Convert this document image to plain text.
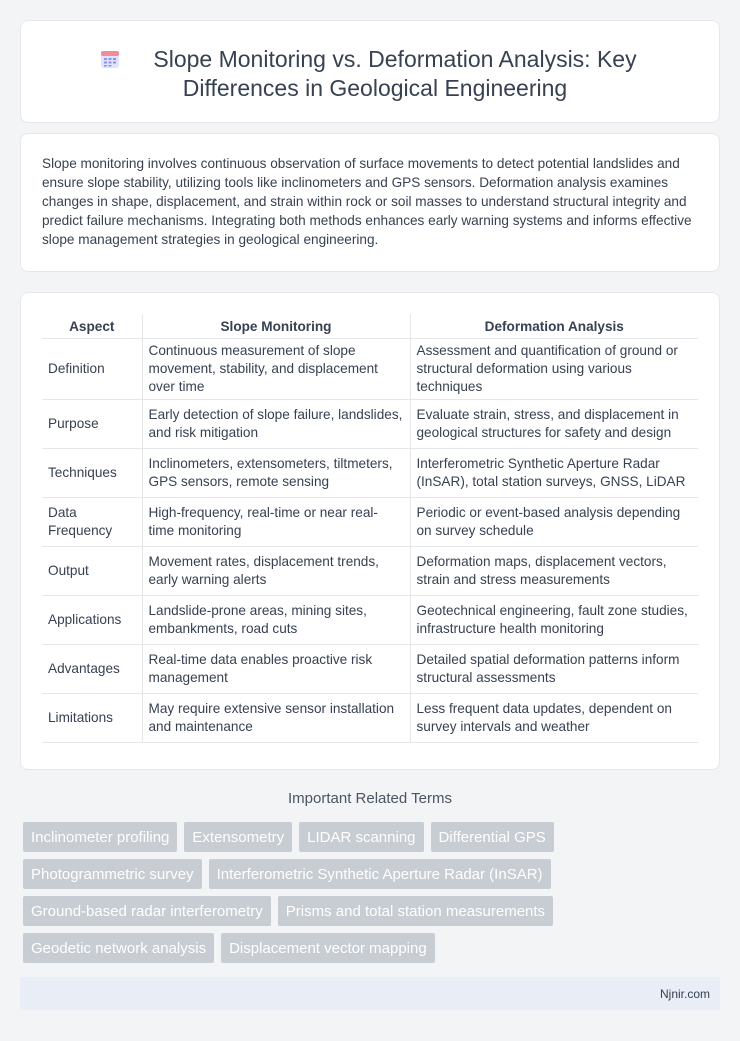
Slope Monitoring vs. Deformation Analysis: Key
Differences in Geological Engineering

Slope monitoring involves continuous observation of surface movements to detect potential landslides and ensure slope stability, utilizing tools like inclinometers and GPS sensors. Deformation analysis examines changes in shape, displacement, and strain within rock or soil masses to understand structural integrity and predict failure mechanisms. Integrating both methods enhances early warning systems and informs effective slope management strategies in geological engineering.

Aspect	Slope Monitoring	Deformation Analysis
Definition	Continuous measurement of slope movement, stability, and displacement over time	Assessment and quantification of ground or structural deformation using various techniques
Purpose	Early detection of slope failure, landslides, and risk mitigation	Evaluate strain, stress, and displacement in geological structures for safety and design
Techniques	Inclinometers, extensometers, tiltmeters, GPS sensors, remote sensing	Interferometric Synthetic Aperture Radar (InSAR), total station surveys, GNSS, LiDAR
Data Frequency	High-frequency, real-time or near real-time monitoring	Periodic or event-based analysis depending on survey schedule
Output	Movement rates, displacement trends, early warning alerts	Deformation maps, displacement vectors, strain and stress measurements
Applications	Landslide-prone areas, mining sites, embankments, road cuts	Geotechnical engineering, fault zone studies, infrastructure health monitoring
Advantages	Real-time data enables proactive risk management	Detailed spatial deformation patterns inform structural assessments
Limitations	May require extensive sensor installation and maintenance	Less frequent data updates, dependent on survey intervals and weather
Important Related Terms
Inclinometer profiling	Extensometry	LIDAR scanning	Differential GPS
Photogrammetric survey	Interferometric Synthetic Aperture Radar (InSAR)
Ground-based radar interferometry	Prisms and total station measurements
Geodetic network analysis	Displacement vector mapping
Njnir.com
